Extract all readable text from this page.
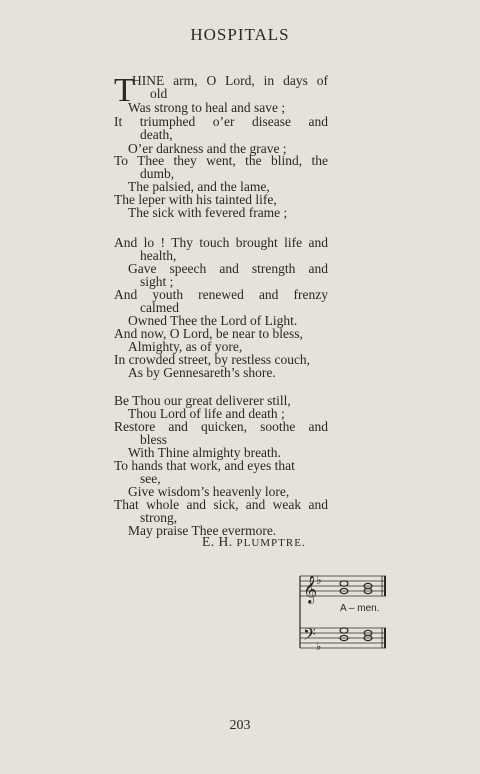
HOSPITALS
T
HINE arm, O Lord, in days of
old
Was strong to heal and save ;
It triumphed o’er disease and
death,
O’er darkness and the grave ;
To Thee they went, the blind, the
dumb,
The palsied, and the lame,
The leper with his tainted life,
The sick with fevered frame ;
And lo ! Thy touch brought life and
health,
Gave speech and strength and
sight ;
And youth renewed and frenzy
calmed
Owned Thee the Lord of Light.
And now, O Lord, be near to bless,
Almighty, as of yore,
In crowded street, by restless couch,
As by Gennesareth’s shore.
Be Thou our great deliverer still,
Thou Lord of life and death ;
Restore and quicken, soothe and
bless
With Thine almighty breath.
To hands that work, and eyes that
see,
Give wisdom’s heavenly lore,
That whole and sick, and weak and
strong,
May praise Thee evermore.
E. H. PLUMPTRE.
𝄞
♭
𝄢 ♭
A – men.
203
